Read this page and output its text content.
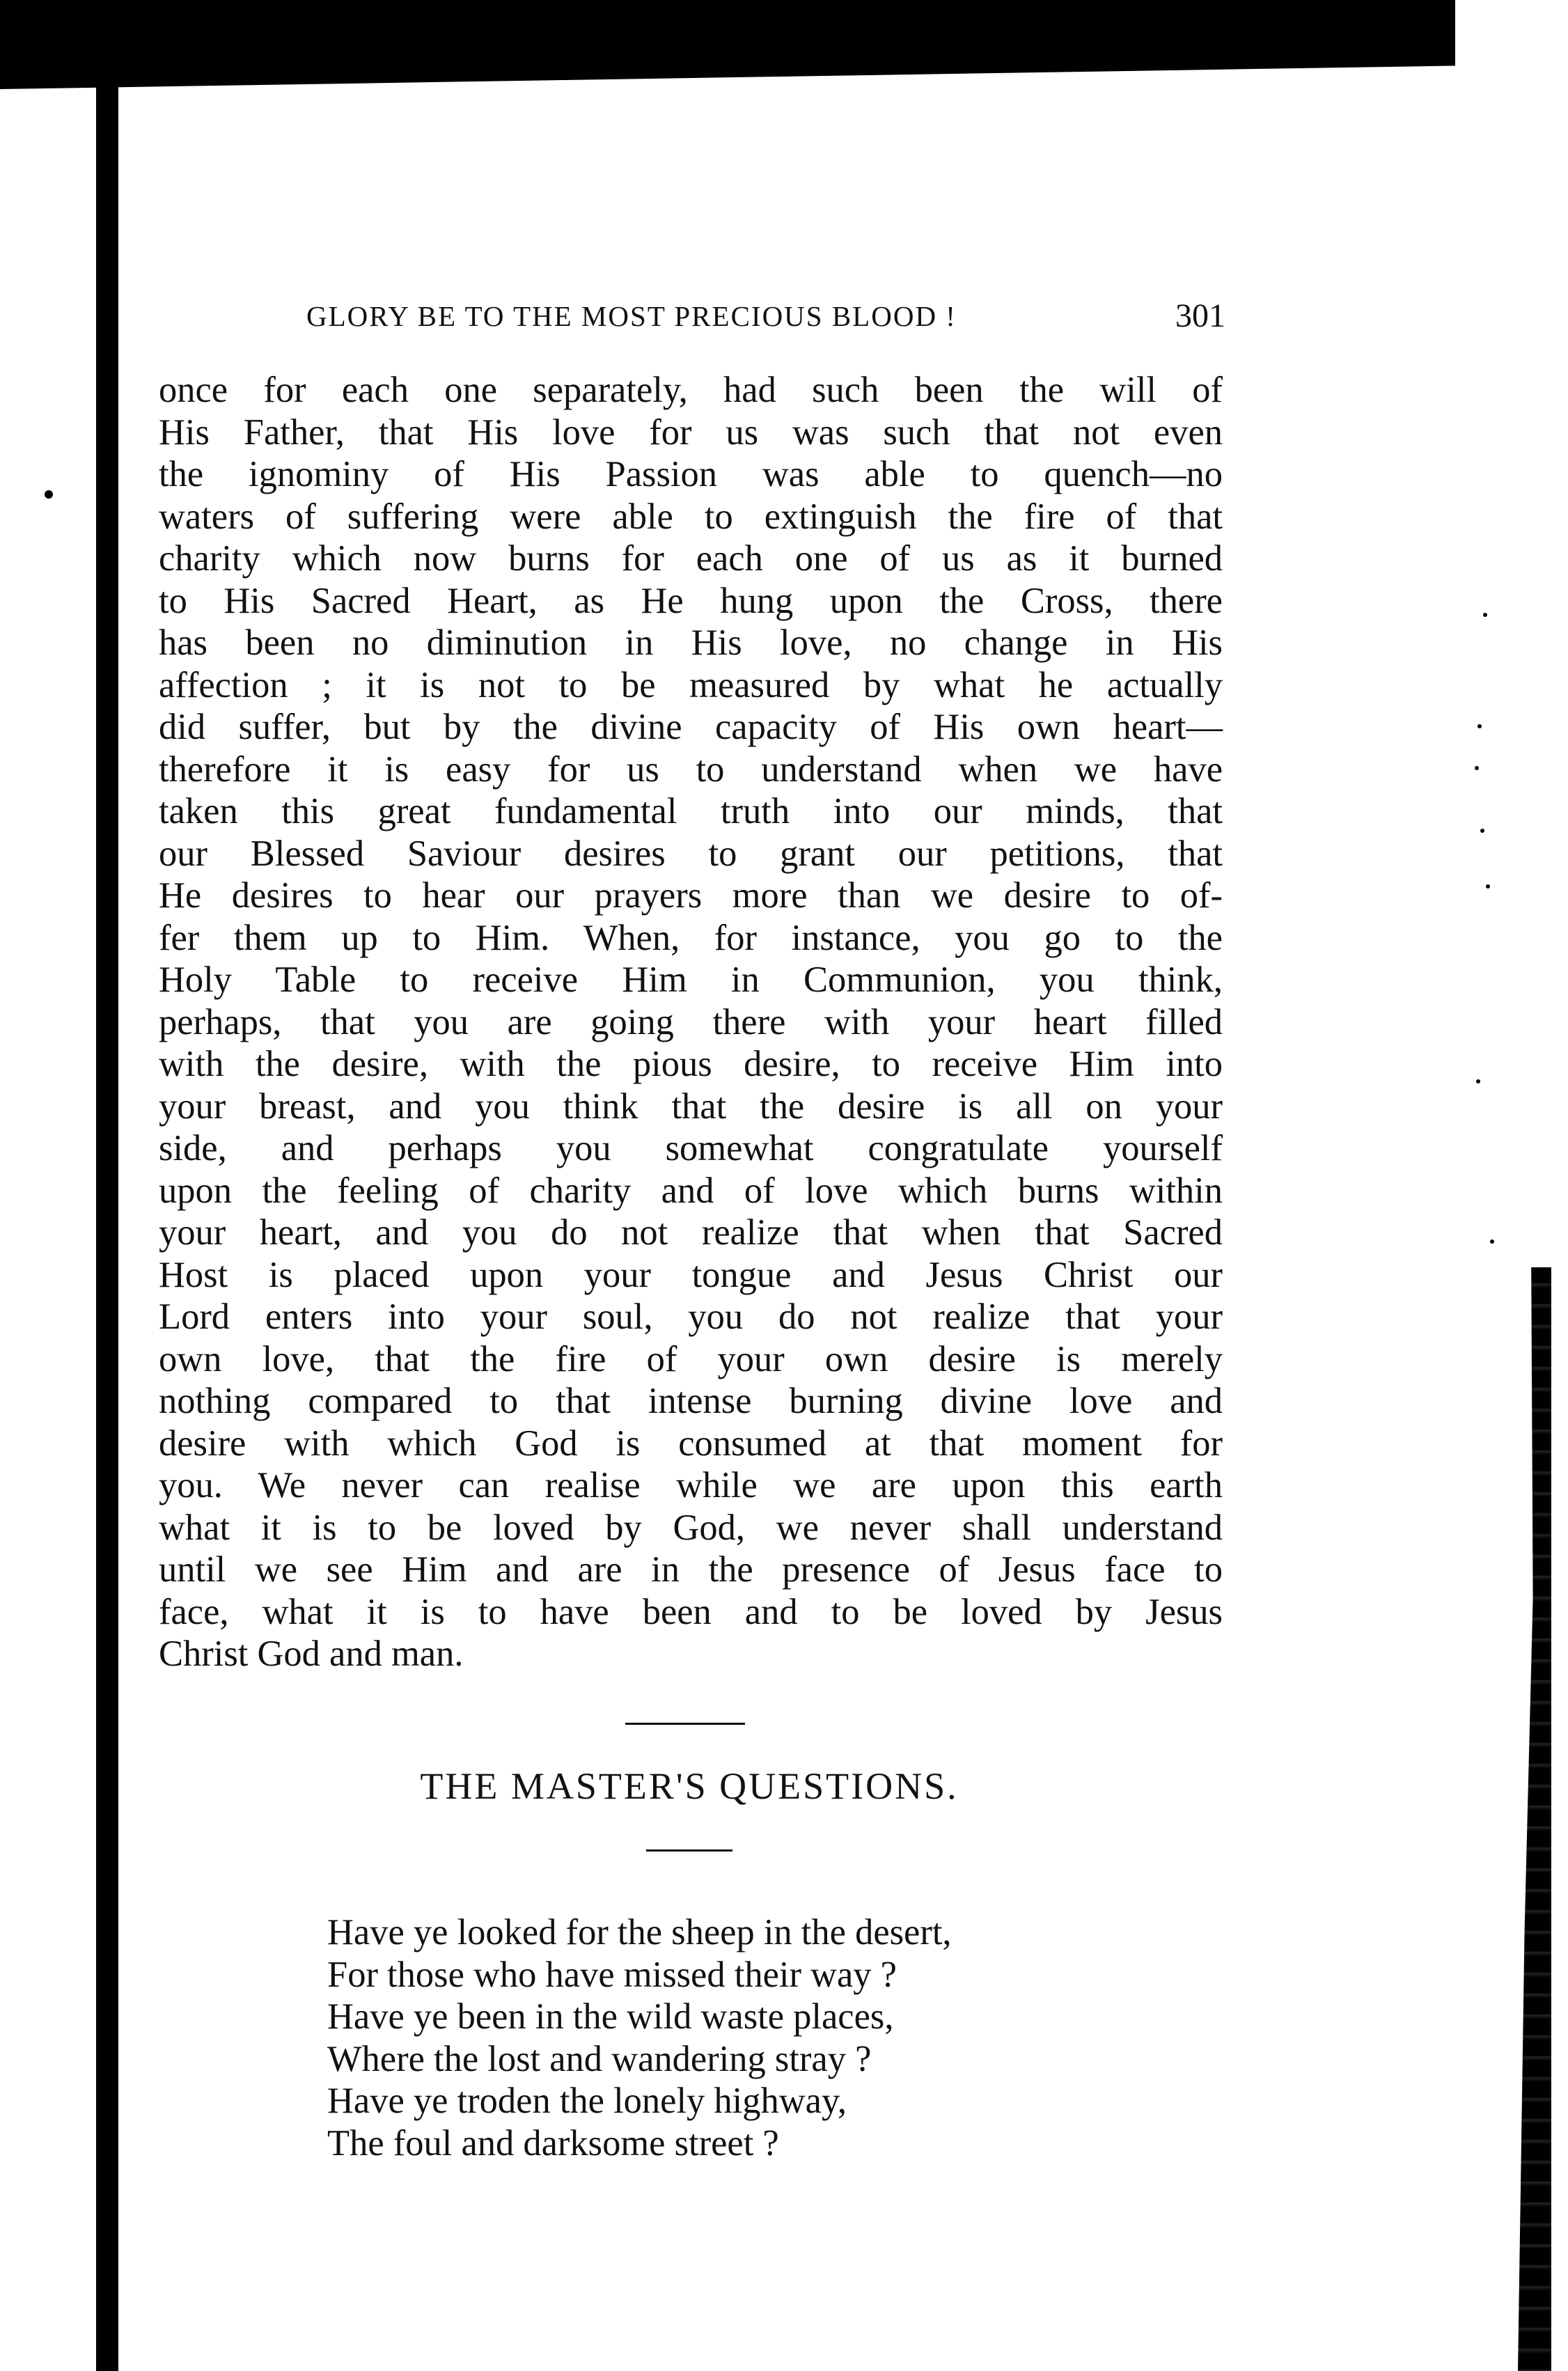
GLORY BE TO THE MOST PRECIOUS BLOOD !	301
once for each one separately, had such been the will of
His Father, that His love for us was such that not even
the ignominy of His Passion was able to quench—no
waters of suffering were able to extinguish the fire of that
charity which now burns for each one of us as it burned
to His Sacred Heart, as He hung upon the Cross, there
has been no diminution in His love, no change in His
affection ; it is not to be measured by what he actually
did suffer, but by the divine capacity of His own heart—
therefore it is easy for us to understand when we have
taken this great fundamental truth into our minds, that
our Blessed Saviour desires to grant our petitions, that
He desires to hear our prayers more than we desire to of-
fer them up to Him. When, for instance, you go to the
Holy Table to receive Him in Communion, you think,
perhaps, that you are going there with your heart filled
with the desire, with the pious desire, to receive Him into
your breast, and you think that the desire is all on your
side, and perhaps you somewhat congratulate yourself
upon the feeling of charity and of love which burns within
your heart, and you do not realize that when that Sacred
Host is placed upon your tongue and Jesus Christ our
Lord enters into your soul, you do not realize that your
own love, that the fire of your own desire is merely
nothing compared to that intense burning divine love and
desire with which God is consumed at that moment for
you. We never can realise while we are upon this earth
what it is to be loved by God, we never shall understand
until we see Him and are in the presence of Jesus face to
face, what it is to have been and to be loved by Jesus
Christ God and man.
THE MASTER'S QUESTIONS.
Have ye looked for the sheep in the desert,
For those who have missed their way ?
Have ye been in the wild waste places,
Where the lost and wandering stray ?
Have ye troden the lonely highway,
The foul and darksome street ?
